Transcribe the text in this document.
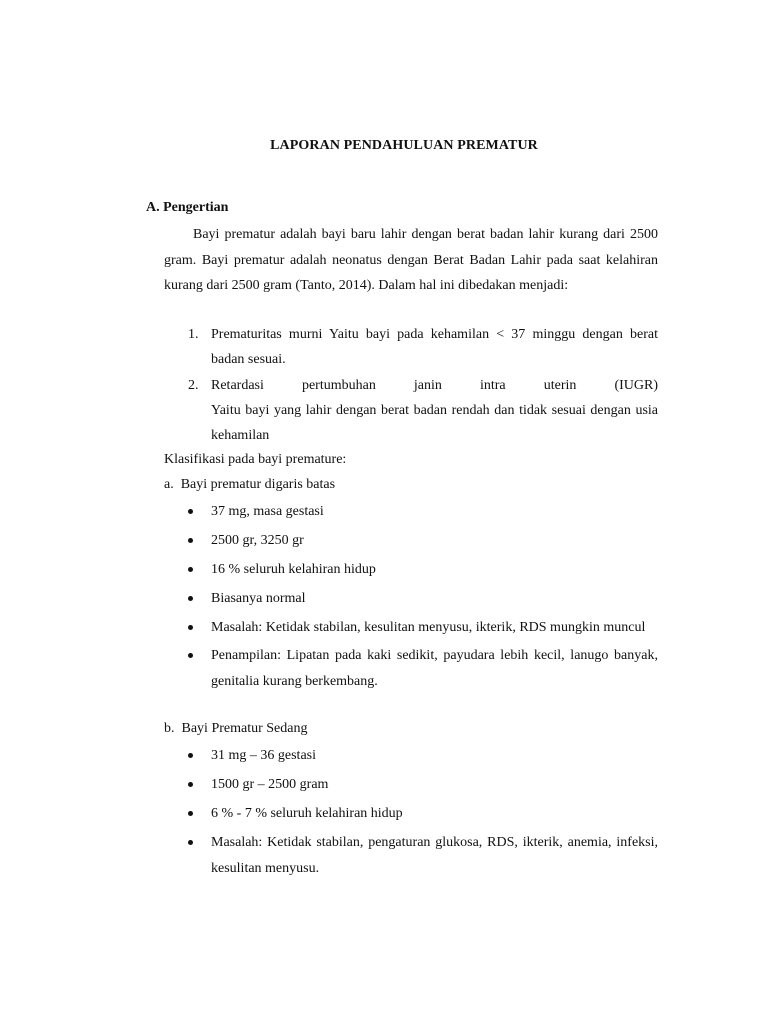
LAPORAN PENDAHULUAN PREMATUR
A. Pengertian
Bayi prematur adalah bayi baru lahir dengan berat badan lahir kurang dari 2500 gram. Bayi prematur adalah neonatus dengan Berat Badan Lahir pada saat kelahiran kurang dari 2500 gram (Tanto, 2014). Dalam hal ini dibedakan menjadi:
1. Prematuritas murni Yaitu bayi pada kehamilan < 37 minggu dengan berat badan sesuai.
2. Retardasi pertumbuhan janin intra uterin (IUGR)
Yaitu bayi yang lahir dengan berat badan rendah dan tidak sesuai dengan usia kehamilan
Klasifikasi pada bayi premature:
a.  Bayi prematur digaris batas
37 mg, masa gestasi
2500 gr, 3250 gr
16 % seluruh kelahiran hidup
Biasanya normal
Masalah: Ketidak stabilan, kesulitan menyusu, ikterik, RDS mungkin muncul
Penampilan: Lipatan pada kaki sedikit, payudara lebih kecil, lanugo banyak, genitalia kurang berkembang.
b.  Bayi Prematur Sedang
31 mg – 36 gestasi
1500 gr – 2500 gram
6 % - 7 % seluruh kelahiran hidup
Masalah: Ketidak stabilan, pengaturan glukosa, RDS, ikterik, anemia, infeksi, kesulitan menyusu.
